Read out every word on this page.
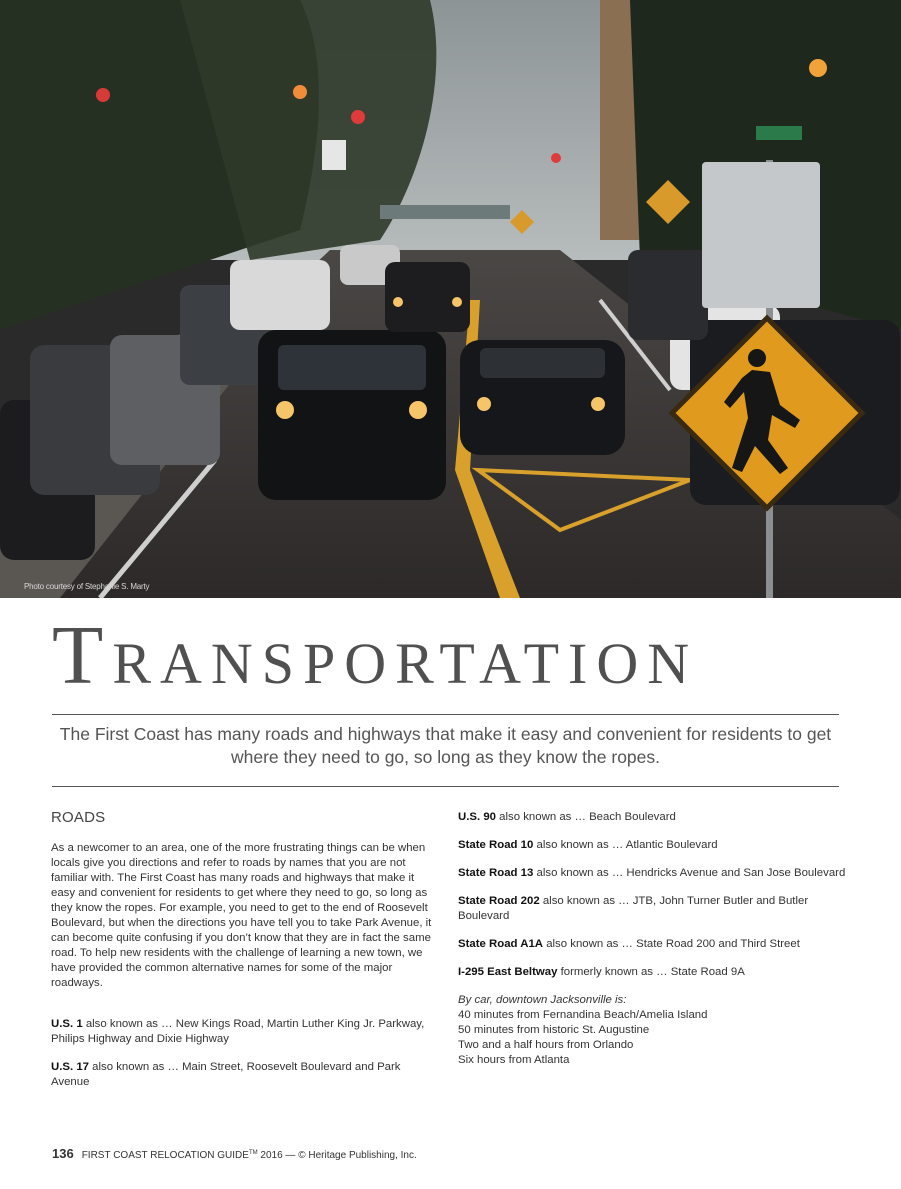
Photo courtesy of Stephanie S. Marty
TRANSPORTATION
The First Coast has many roads and highways that make it easy and convenient for residents to get where they need to go, so long as they know the ropes.
ROADS

As a newcomer to an area, one of the more frustrating things can be when locals give you directions and refer to roads by names that you are not familiar with. The First Coast has many roads and highways that make it easy and convenient for residents to get where they need to go, so long as they know the ropes. For example, you need to get to the end of Roosevelt Boulevard, but when the directions you have tell you to take Park Avenue, it can become quite confusing if you don’t know that they are in fact the same road. To help new residents with the challenge of learning a new town, we have provided the common alternative names for some of the major roadways.

U.S. 1 also known as … New Kings Road, Martin Luther King Jr. Parkway, Philips Highway and Dixie Highway

U.S. 17 also known as … Main Street, Roosevelt Boulevard and Park Avenue

U.S. 90 also known as … Beach Boulevard

State Road 10 also known as … Atlantic Boulevard

State Road 13 also known as … Hendricks Avenue and San Jose Boulevard

State Road 202 also known as … JTB, John Turner Butler and Butler Boulevard

State Road A1A also known as … State Road 200 and Third Street

I-295 East Beltway formerly known as … State Road 9A

By car, downtown Jacksonville is:
40 minutes from Fernandina Beach/Amelia Island
50 minutes from historic St. Augustine
Two and a half hours from Orlando
Six hours from Atlanta
136 FIRST COAST RELOCATION GUIDE™ 2016 — © Heritage Publishing, Inc.
